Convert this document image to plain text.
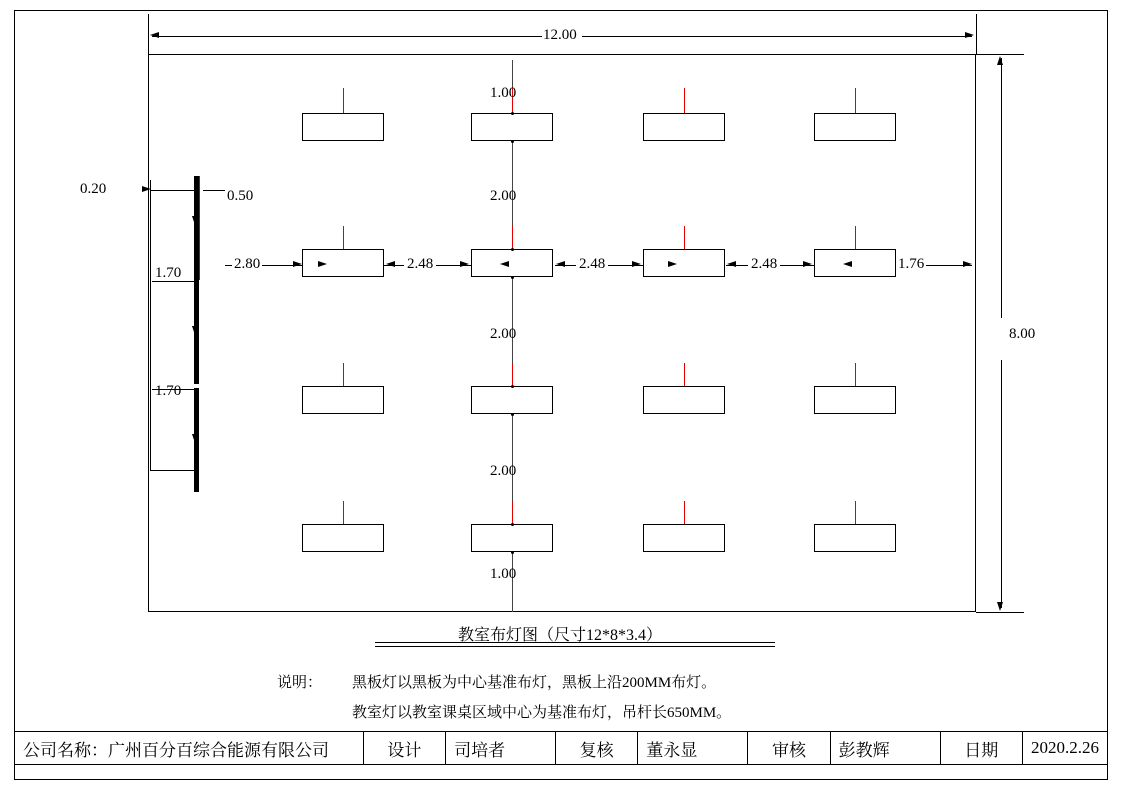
12.00
8.00
0.20	0.50
1.70
1.70
1.00
2.00
2.00
2.00
1.00
2.80	2.48	2.48	2.48	1.76
教室布灯图（尺寸12*8*3.4）
说明： 黑板灯以黑板为中心基准布灯，黑板上沿200MM布灯。
教室灯以教室课桌区域中心为基准布灯，吊杆长650MM。
公司名称： 广州百分百综合能源有限公司	设计	司培者	复核	董永显	审核	彭教辉	日期	2020.2.26
